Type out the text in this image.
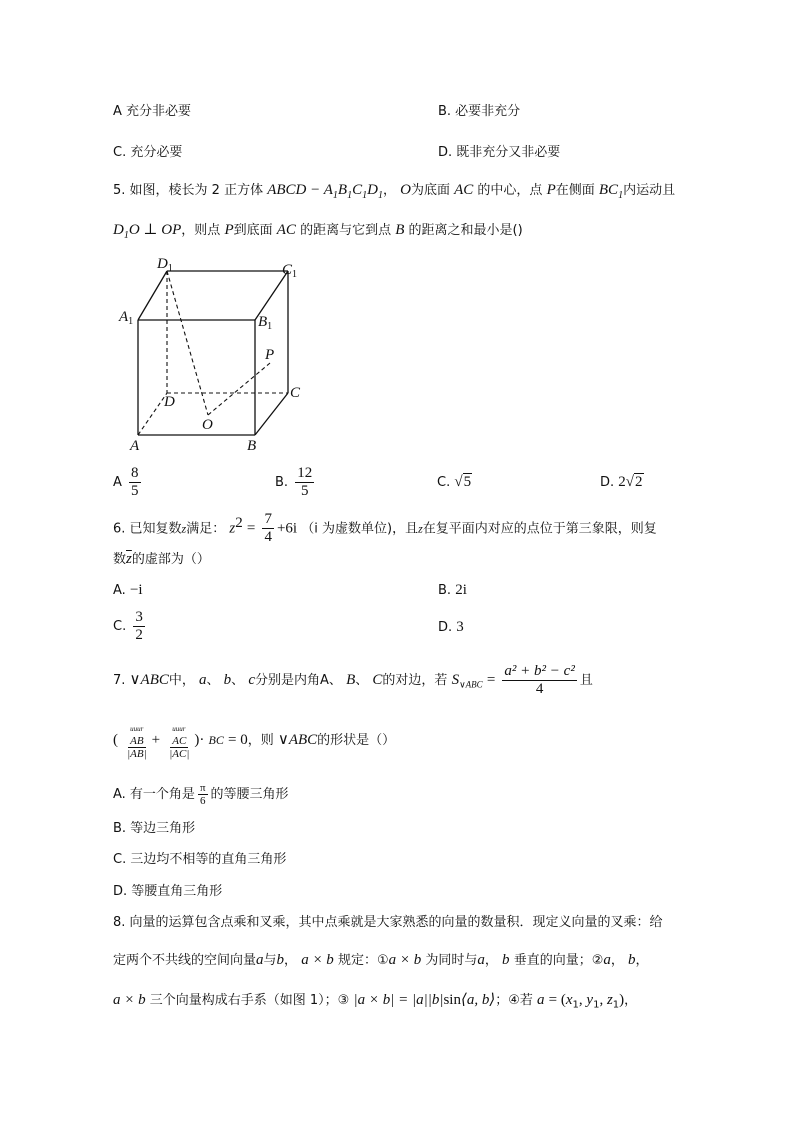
A 充分非必要	B. 必要非充分
C. 充分必要	D. 既非充分又非必要
5. 如图，棱长为 2 正方体 ABCD − $A_1B_1C_1D_1$， O为底面 AC 的中心，点 P在侧面 $BC_1$内运动且
$D_1O$ ⊥ OP，则点 P到底面 AC 的距离与它到点 B 的距离之和最小是()
$D_1$	$C_1$
$A_1$	$B_1$
P
D
C
O
A	B
A $\frac{8}{5}$	B. $\frac{12}{5}$	C. √5	D. 2√2
6. 已知复数z满足： $z^2 = \frac{7}{4} +6i$ （i 为虚数单位)，且z在复平面内对应的点位于第三象限，则复
数$\overline{z}$的虚部为（）
A. −i	B. 2i
C. $\frac{3}{2}$	D. 3
7. ∨ABC中， a、 b、 c分别是内角A、 B、 C的对边，若 $S_{\vee ABC} = \frac{\text{a² + b² − c²}}{4}$ 且
(
uuur
AB
|AB|
+
uuur
AC
|AC|
)· BC = 0，则 ∨ABC的形状是（）
A. 有一个角是 $\frac{\pi}{6}$ 的等腰三角形
B. 等边三角形
C. 三边均不相等的直角三角形
D. 等腰直角三角形
8. 向量的运算包含点乘和叉乘，其中点乘就是大家熟悉的向量的数量积．现定义向量的叉乘：给
定两个不共线的空间向量a与b， a × b 规定：①a × b 为同时与a， b 垂直的向量；②a， b，
a × b 三个向量构成右手系（如图 1）；③ |a × b| = |a||b|sin⟨a, b⟩；④若 $a = (x_1$, $y_1$, $z_1$)，
